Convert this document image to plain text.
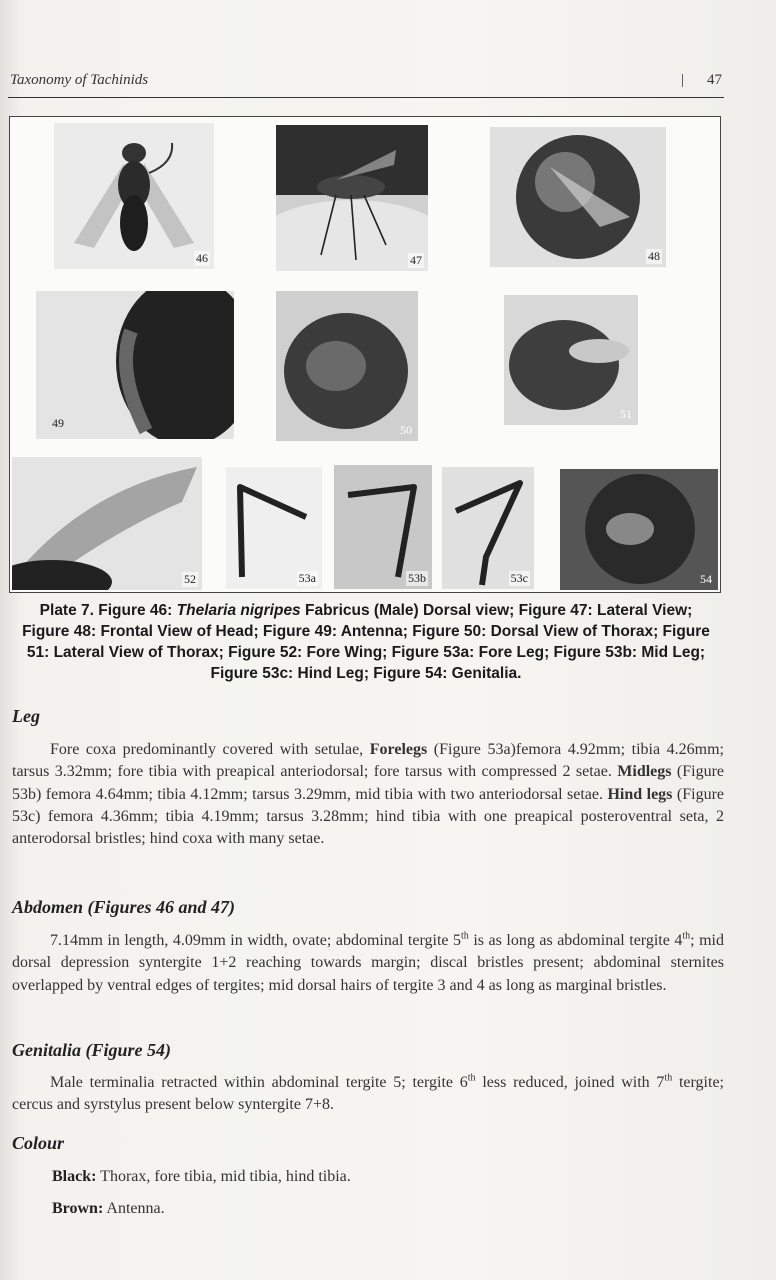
Taxonomy of Tachinids	| 47
46	47	48
49	50
51
52	53a	53b	53c	54
Plate 7. Figure 46: Thelaria nigripes Fabricus (Male) Dorsal view; Figure 47: Lateral View; Figure 48: Frontal View of Head; Figure 49: Antenna; Figure 50: Dorsal View of Thorax; Figure 51: Lateral View of Thorax; Figure 52: Fore Wing; Figure 53a: Fore Leg; Figure 53b: Mid Leg; Figure 53c: Hind Leg; Figure 54: Genitalia.
Leg
Fore coxa predominantly covered with setulae, Forelegs (Figure 53a)femora 4.92mm; tibia 4.26mm; tarsus 3.32mm; fore tibia with preapical anteriodorsal; fore tarsus with compressed 2 setae. Midlegs (Figure 53b) femora 4.64mm; tibia 4.12mm; tarsus 3.29mm, mid tibia with two anteriodorsal setae. Hind legs (Figure 53c) femora 4.36mm; tibia 4.19mm; tarsus 3.28mm; hind tibia with one preapical posteroventral seta, 2 anterodorsal bristles; hind coxa with many setae.
Abdomen (Figures 46 and 47)
7.14mm in length, 4.09mm in width, ovate; abdominal tergite 5th is as long as abdominal tergite 4th; mid dorsal depression syntergite 1+2 reaching towards margin; discal bristles present; abdominal sternites overlapped by ventral edges of tergites; mid dorsal hairs of tergite 3 and 4 as long as marginal bristles.
Genitalia (Figure 54)
Male terminalia retracted within abdominal tergite 5; tergite 6th less reduced, joined with 7th tergite; cercus and syrstylus present below syntergite 7+8.
Colour
Black: Thorax, fore tibia, mid tibia, hind tibia.
Brown: Antenna.
